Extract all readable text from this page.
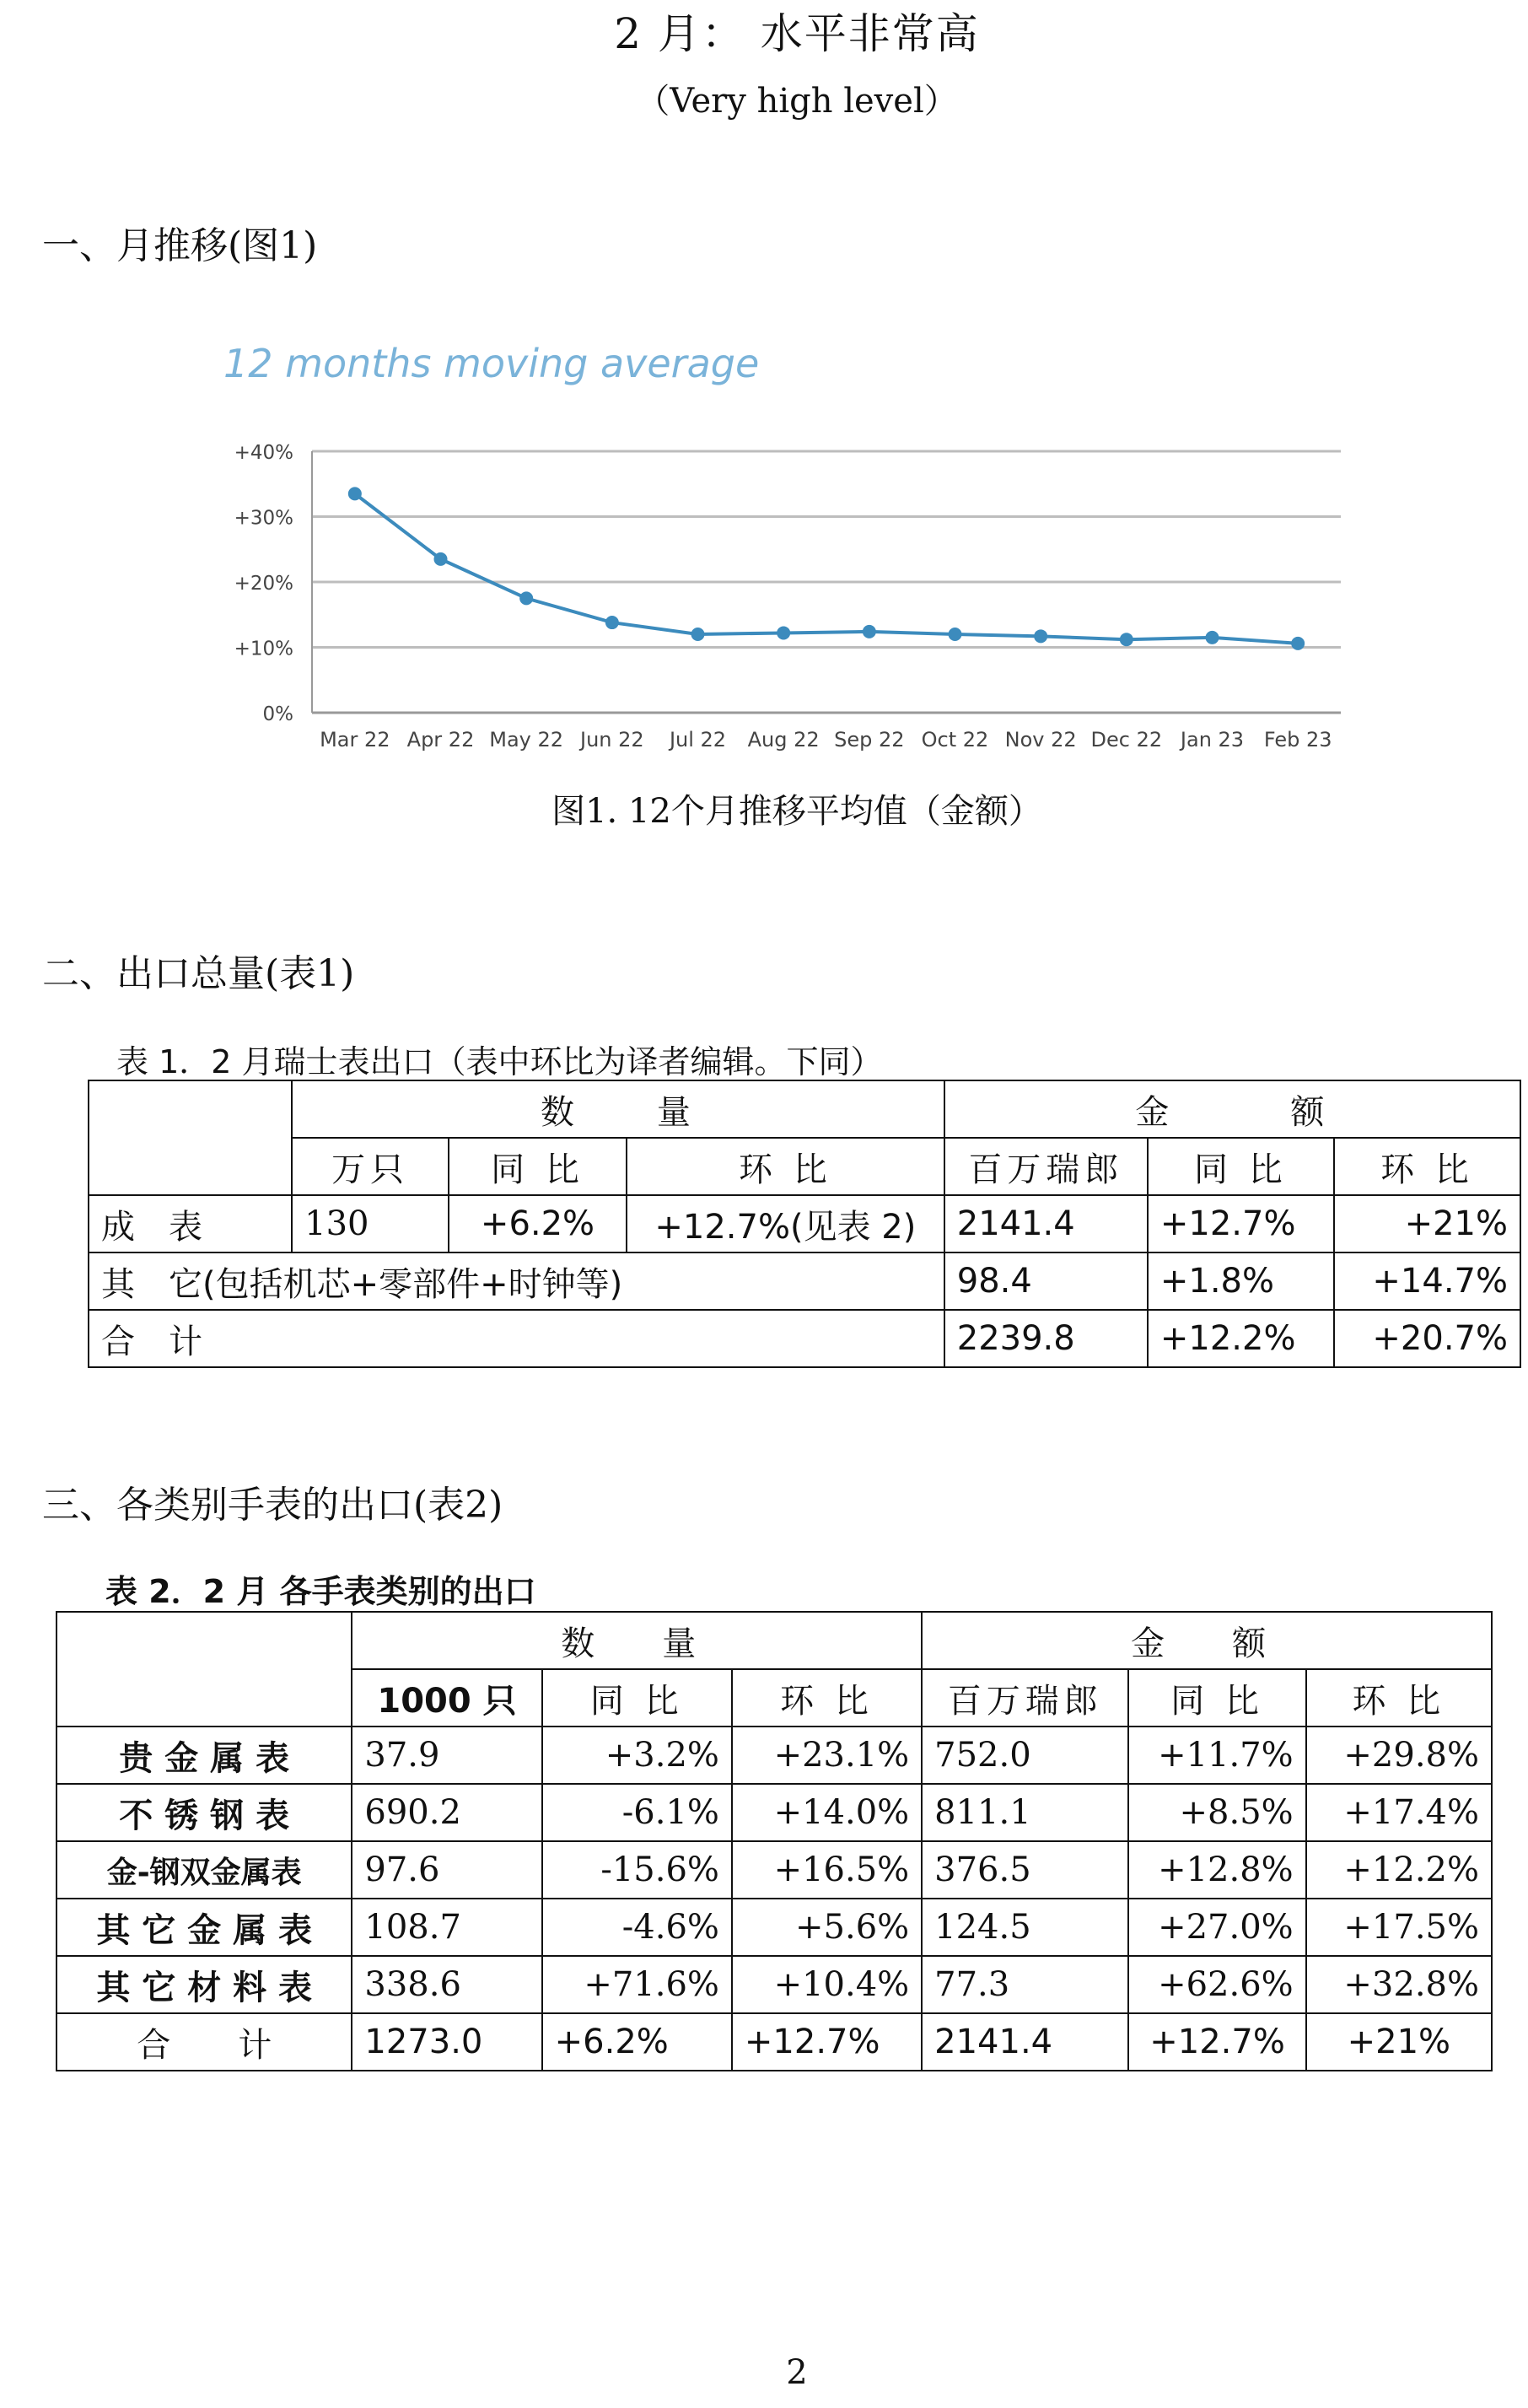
2 月： 水平非常高
（Very high level）
一、月推移(图1)
12 months moving average
0%
+10%
+20%
+30%
+40%
Mar 22 Apr 22 May 22 Jun 22 Jul 22 Aug 22 Sep 22 Oct 22 Nov 22 Dec 22 Jan 23 Feb 23
图1. 12个月推移平均值（金额）
二、出口总量(表1)
表 1．2 月瑞士表出口（表中环比为译者编辑。下同）
	数　　量			金　　　额		
	万只	同 比	环 比	百万瑞郎	同 比	环 比
成　表	130	+6.2%	+12.7%(见表 2)	2141.4	+12.7%	+21%
其　它(包括机芯+零部件+时钟等)				98.4	+1.8%	+14.7%
合　计				2239.8	+12.2%	+20.7%
三、各类别手表的出口(表2)
表 2．2 月 各手表类别的出口
	数　量			金　额		
	1000 只	同 比	环 比	百万瑞郎	同 比	环 比
贵 金 属 表	37.9	+3.2%	+23.1%	752.0	+11.7%	+29.8%
不 锈 钢 表	690.2	-6.1%	+14.0%	811.1	+8.5%	+17.4%
金-钢双金属表	97.6	-15.6%	+16.5%	376.5	+12.8%	+12.2%
其 它 金 属 表	108.7	-4.6%	+5.6%	124.5	+27.0%	+17.5%
其 它 材 料 表	338.6	+71.6%	+10.4%	77.3	+62.6%	+32.8%
合　　计	1273.0	+6.2%	+12.7%	2141.4	+12.7%	+21%
2
